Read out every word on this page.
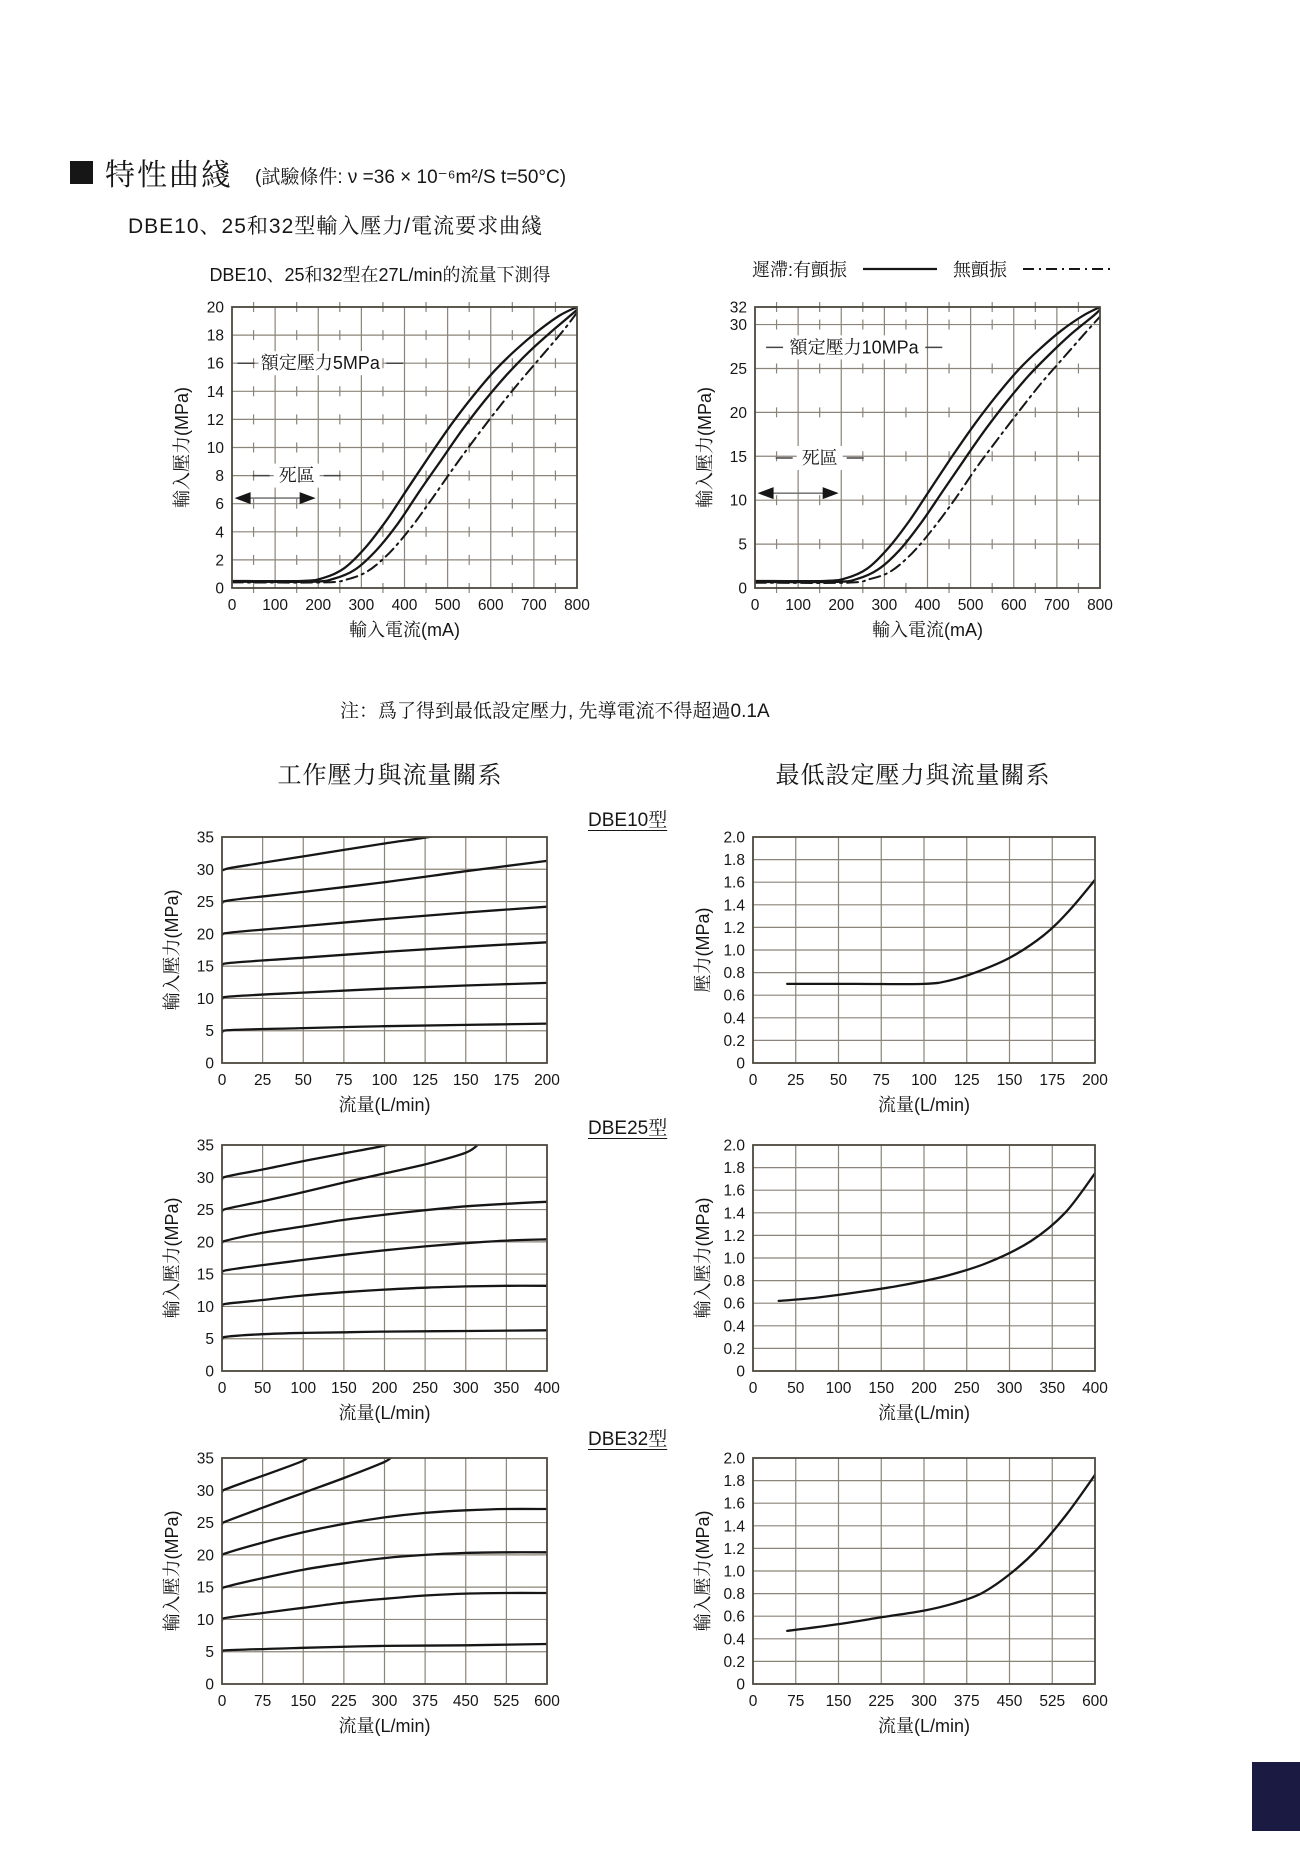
特性曲綫 (試驗條件: ν =36 × 10⁻⁶m²/S t=50°C)
DBE10、25和32型輸入壓力/電流要求曲綫
DBE10、25和32型在27L/min的流量下測得	遲滯:有顫振	無顫振
額定壓力5MPa
死區
0 100 200 300 400 500 600 700 800
0
2
4
6
8
10
12
14
16
18
20
輸入電流(mA)
輸入壓力(MPa)
額定壓力10MPa
死區
0 100 200 300 400 500 600 700 800
0
5
10
15
20
25
30
32
輸入電流(mA)
輸入壓力(MPa)
注：爲了得到最低設定壓力, 先導電流不得超過0.1A
工作壓力與流量關系	最低設定壓力與流量關系
DBE10型
0 25 50 75 100 125 150 175 200
0
5
10
15
20
25
30
35
流量(L/min)
輸入壓力(MPa)
0 25 50 75 100 125 150 175 200
0
0.2
0.4
0.6
0.8
1.0
1.2
1.4
1.6
1.8
2.0
流量(L/min)
壓力(MPa)
DBE25型
0 50 100 150 200 250 300 350 400
0
5
10
15
20
25
30
35
流量(L/min)
輸入壓力(MPa)
0 50 100 150 200 250 300 350 400
0
0.2
0.4
0.6
0.8
1.0
1.2
1.4
1.6
1.8
2.0
流量(L/min)
輸入壓力(MPa)
DBE32型
0 75 150 225 300 375 450 525 600
0
5
10
15
20
25
30
35
流量(L/min)
輸入壓力(MPa)
0 75 150 225 300 375 450 525 600
0
0.2
0.4
0.6
0.8
1.0
1.2
1.4
1.6
1.8
2.0
流量(L/min)
輸入壓力(MPa)
